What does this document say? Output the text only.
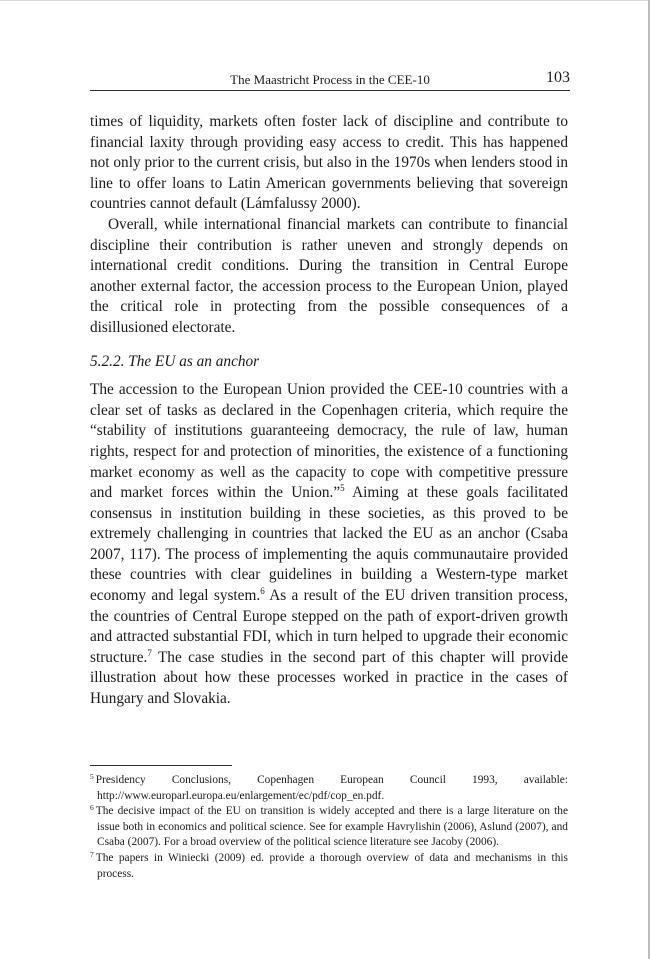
The Maastricht Process in the CEE-10	103

times of liquidity, markets often foster lack of discipline and contribute to financial laxity through providing easy access to credit. This has happened not only prior to the current crisis, but also in the 1970s when lenders stood in line to offer loans to Latin American governments believing that sovereign countries cannot default (Lámfalussy 2000).

Overall, while international financial markets can contribute to financial discipline their contribution is rather uneven and strongly depends on international credit conditions. During the transition in Central Europe another external factor, the accession process to the European Union, played the critical role in protecting from the possible consequences of a disillusioned electorate.

5.2.2. The EU as an anchor

The accession to the European Union provided the CEE-10 countries with a clear set of tasks as declared in the Copenhagen criteria, which require the “stability of institutions guaranteeing democracy, the rule of law, human rights, respect for and protection of minorities, the existence of a functioning market economy as well as the capacity to cope with competitive pressure and market forces within the Union.”$^5$ Aiming at these goals facilitated consensus in institution building in these societies, as this proved to be extremely challenging in countries that lacked the EU as an anchor (Csaba 2007, 117). The process of implementing the aquis communautaire provided these countries with clear guidelines in building a Western-type market economy and legal system.$^6$ As a result of the EU driven transition process, the countries of Central Europe stepped on the path of export-driven growth and attracted substantial FDI, which in turn helped to upgrade their economic structure.$^7$ The case studies in the second part of this chapter will provide illustration about how these processes worked in practice in the cases of Hungary and Slovakia.

$^5$ Presidency Conclusions, Copenhagen European Council 1993, available: http://www.europarl.europa.eu/enlargement/ec/pdf/cop_en.pdf.

$^6$ The decisive impact of the EU on transition is widely accepted and there is a large literature on the issue both in economics and political science. See for example Havrylishin (2006), Aslund (2007), and Csaba (2007). For a broad overview of the political science literature see Jacoby (2006).

$^7$ The papers in Winiecki (2009) ed. provide a thorough overview of data and mechanisms in this process.
